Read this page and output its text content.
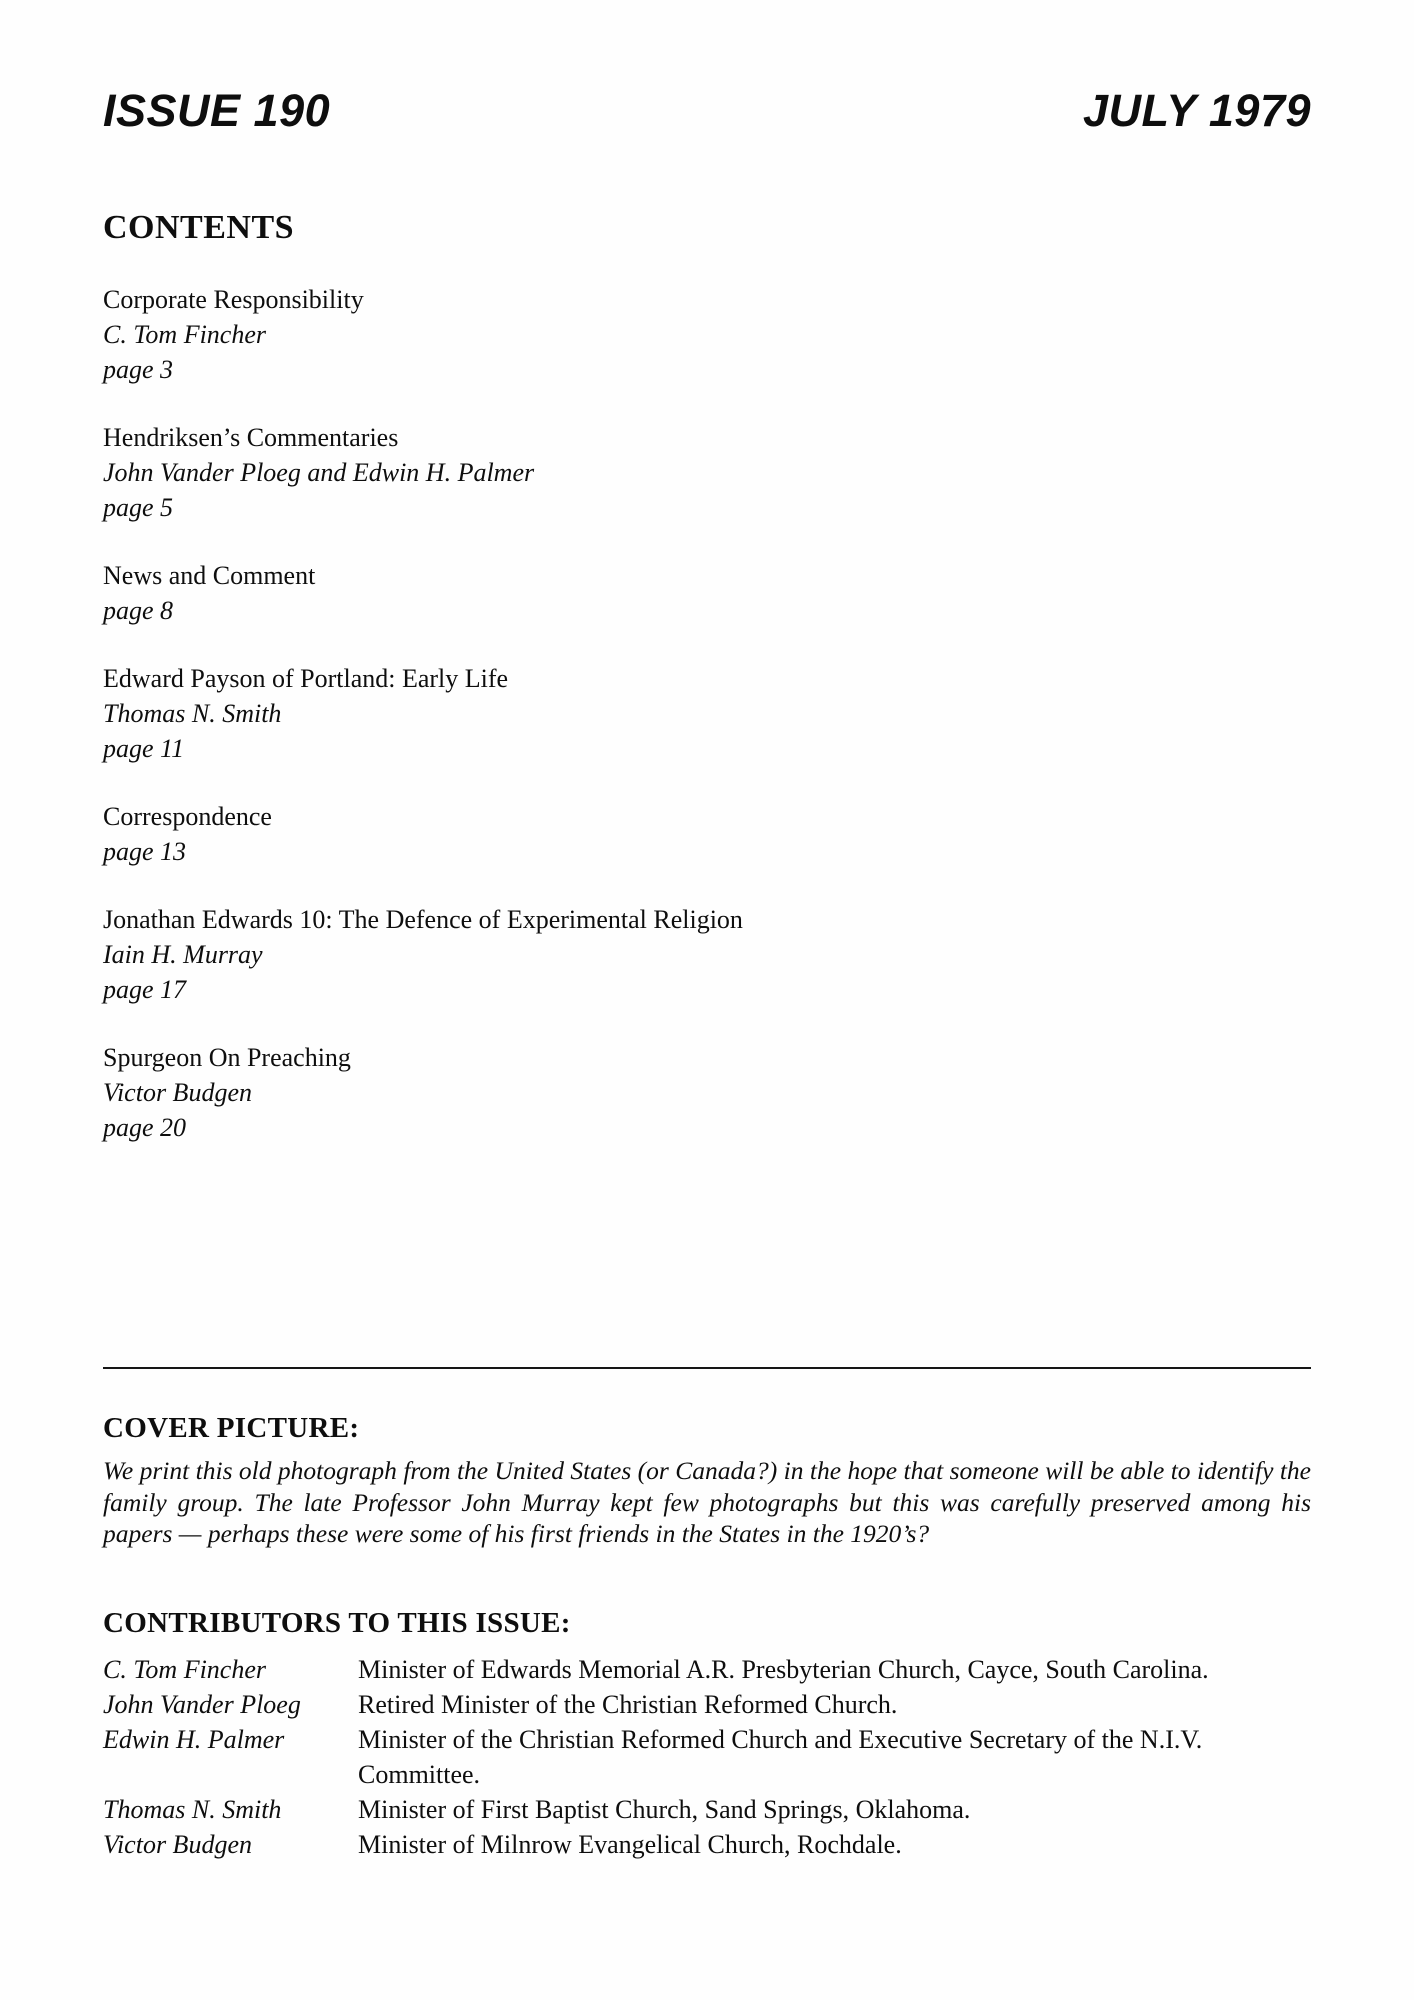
ISSUE 190	JULY 1979
CONTENTS
Corporate Responsibility
C. Tom Fincher
page 3
Hendriksen’s Commentaries
John Vander Ploeg and Edwin H. Palmer
page 5
News and Comment
page 8
Edward Payson of Portland: Early Life
Thomas N. Smith
page 11
Correspondence
page 13
Jonathan Edwards 10: The Defence of Experimental Religion
Iain H. Murray
page 17
Spurgeon On Preaching
Victor Budgen
page 20
COVER PICTURE:

We print this old photograph from the United States (or Canada?) in the hope that someone will be able to identify the family group. The late Professor John Murray kept few photographs but this was carefully preserved among his papers — perhaps these were some of his first friends in the States in the 1920’s?

CONTRIBUTORS TO THIS ISSUE:
C. Tom Fincher	Minister of Edwards Memorial A.R. Presbyterian Church, Cayce, South Carolina.
John Vander Ploeg	Retired Minister of the Christian Reformed Church.
Edwin H. Palmer	Minister of the Christian Reformed Church and Executive Secretary of the N.I.V. Committee.
Thomas N. Smith	Minister of First Baptist Church, Sand Springs, Oklahoma.
Victor Budgen	Minister of Milnrow Evangelical Church, Rochdale.
